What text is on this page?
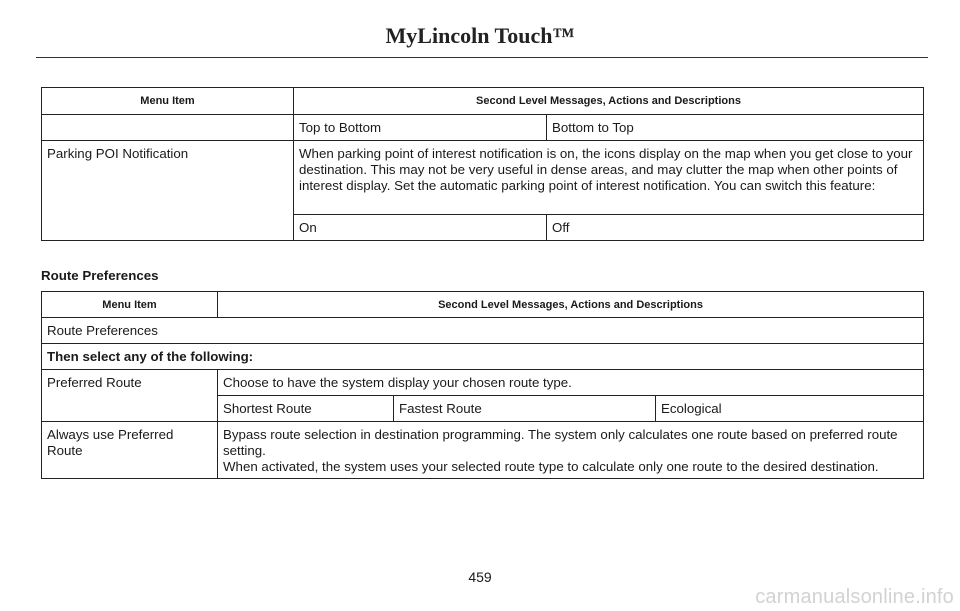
MyLincoln Touch™
Menu Item	Second Level Messages, Actions and Descriptions	
	Top to Bottom	Bottom to Top
Parking POI Notification	When parking point of interest notification is on, the icons display on the map when you get close to your destination. This may not be very useful in dense areas, and may clutter the map when other points of interest display. Set the automatic parking point of interest notification. You can switch this feature:	
	On	Off
Route Preferences
Menu Item	Second Level Messages, Actions and Descriptions		
Route Preferences			
Then select any of the following:			
Preferred Route	Choose to have the system display your chosen route type.		
	Shortest Route	Fastest Route	Ecological
Always use Preferred Route	Bypass route selection in destination programming. The system only calculates one route based on preferred route setting.
When activated, the system uses your selected route type to calculate only one route to the desired destination.		
459
carmanualsonline.info
